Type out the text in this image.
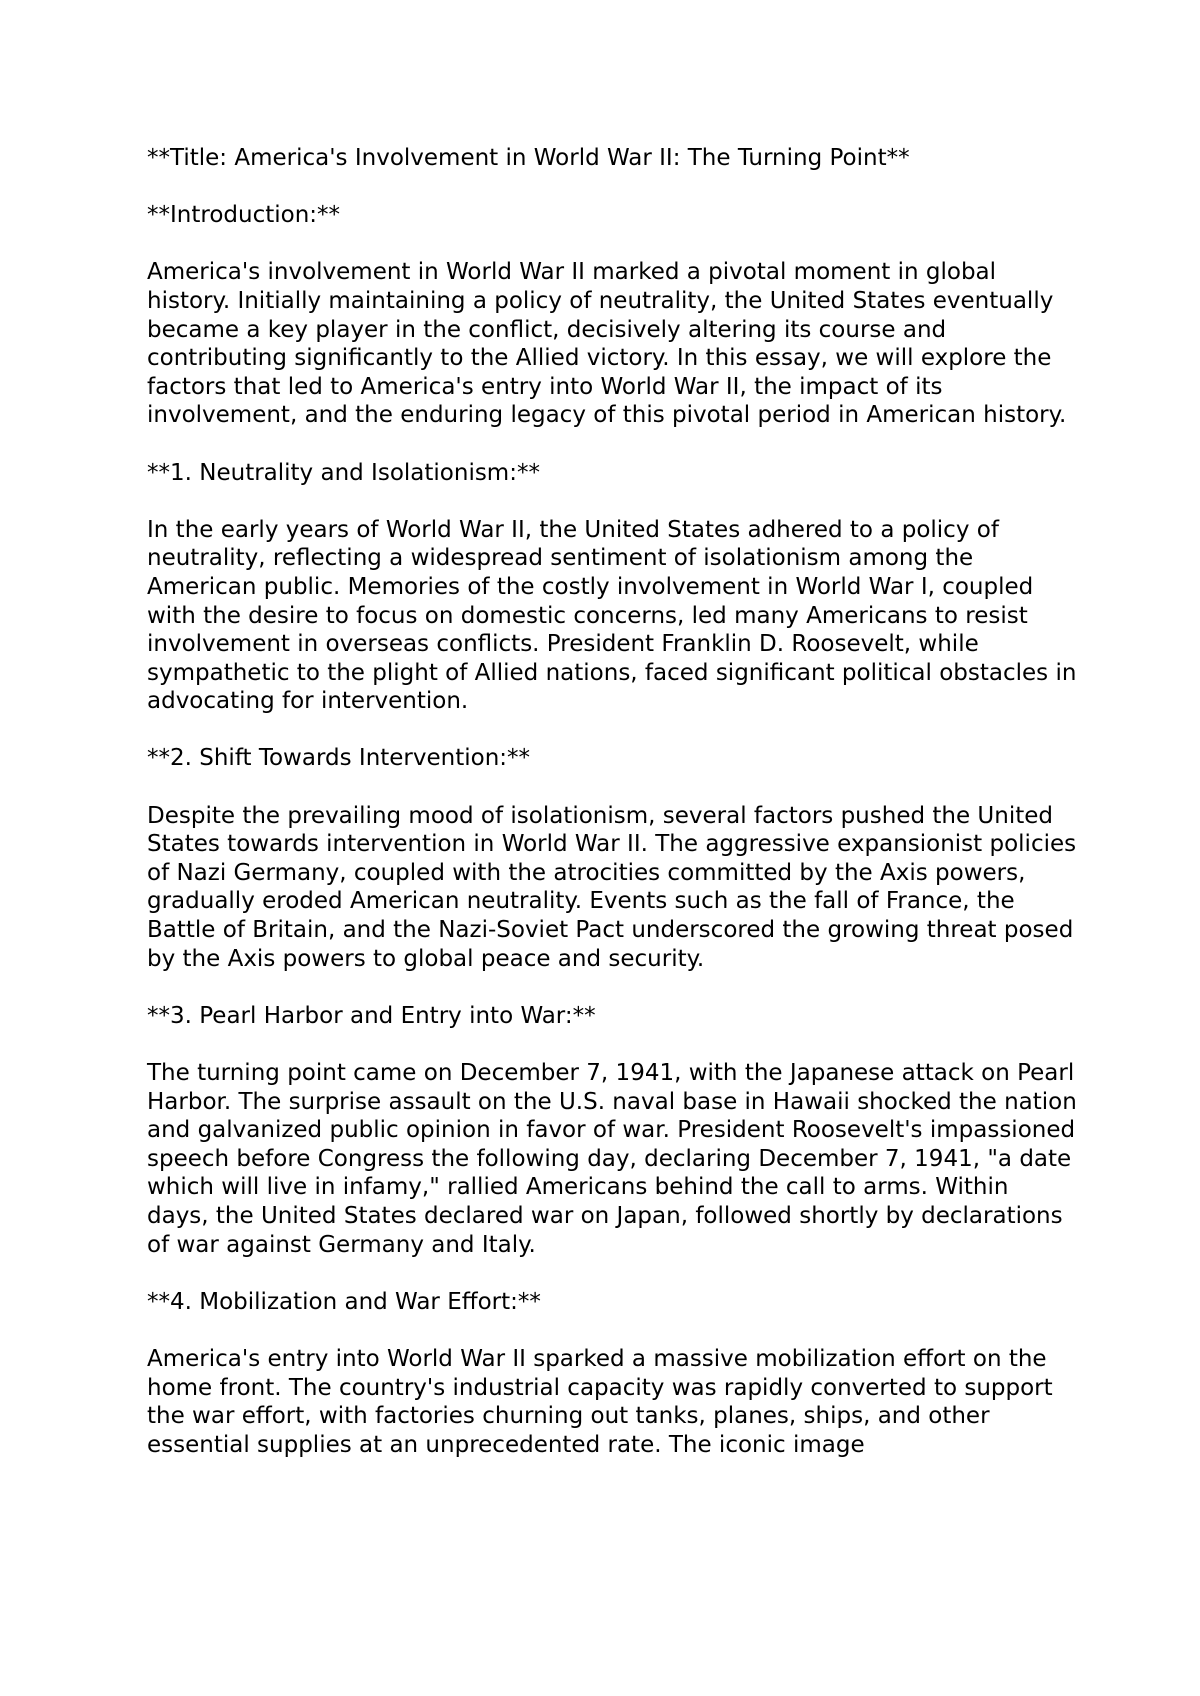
**Title: America's Involvement in World War II: The Turning Point**

**Introduction:**

America's involvement in World War II marked a pivotal moment in global history. Initially maintaining a policy of neutrality, the United States eventually became a key player in the conflict, decisively altering its course and contributing significantly to the Allied victory. In this essay, we will explore the factors that led to America's entry into World War II, the impact of its involvement, and the enduring legacy of this pivotal period in American history.

**1. Neutrality and Isolationism:**

In the early years of World War II, the United States adhered to a policy of neutrality, reflecting a widespread sentiment of isolationism among the American public. Memories of the costly involvement in World War I, coupled with the desire to focus on domestic concerns, led many Americans to resist involvement in overseas conflicts. President Franklin D. Roosevelt, while sympathetic to the plight of Allied nations, faced significant political obstacles in advocating for intervention.

**2. Shift Towards Intervention:**

Despite the prevailing mood of isolationism, several factors pushed the United States towards intervention in World War II. The aggressive expansionist policies of Nazi Germany, coupled with the atrocities committed by the Axis powers, gradually eroded American neutrality. Events such as the fall of France, the Battle of Britain, and the Nazi-Soviet Pact underscored the growing threat posed by the Axis powers to global peace and security.

**3. Pearl Harbor and Entry into War:**

The turning point came on December 7, 1941, with the Japanese attack on Pearl Harbor. The surprise assault on the U.S. naval base in Hawaii shocked the nation and galvanized public opinion in favor of war. President Roosevelt's impassioned speech before Congress the following day, declaring December 7, 1941, "a date which will live in infamy," rallied Americans behind the call to arms. Within days, the United States declared war on Japan, followed shortly by declarations of war against Germany and Italy.

**4. Mobilization and War Effort:**

America's entry into World War II sparked a massive mobilization effort on the home front. The country's industrial capacity was rapidly converted to support the war effort, with factories churning out tanks, planes, ships, and other essential supplies at an unprecedented rate. The iconic image
